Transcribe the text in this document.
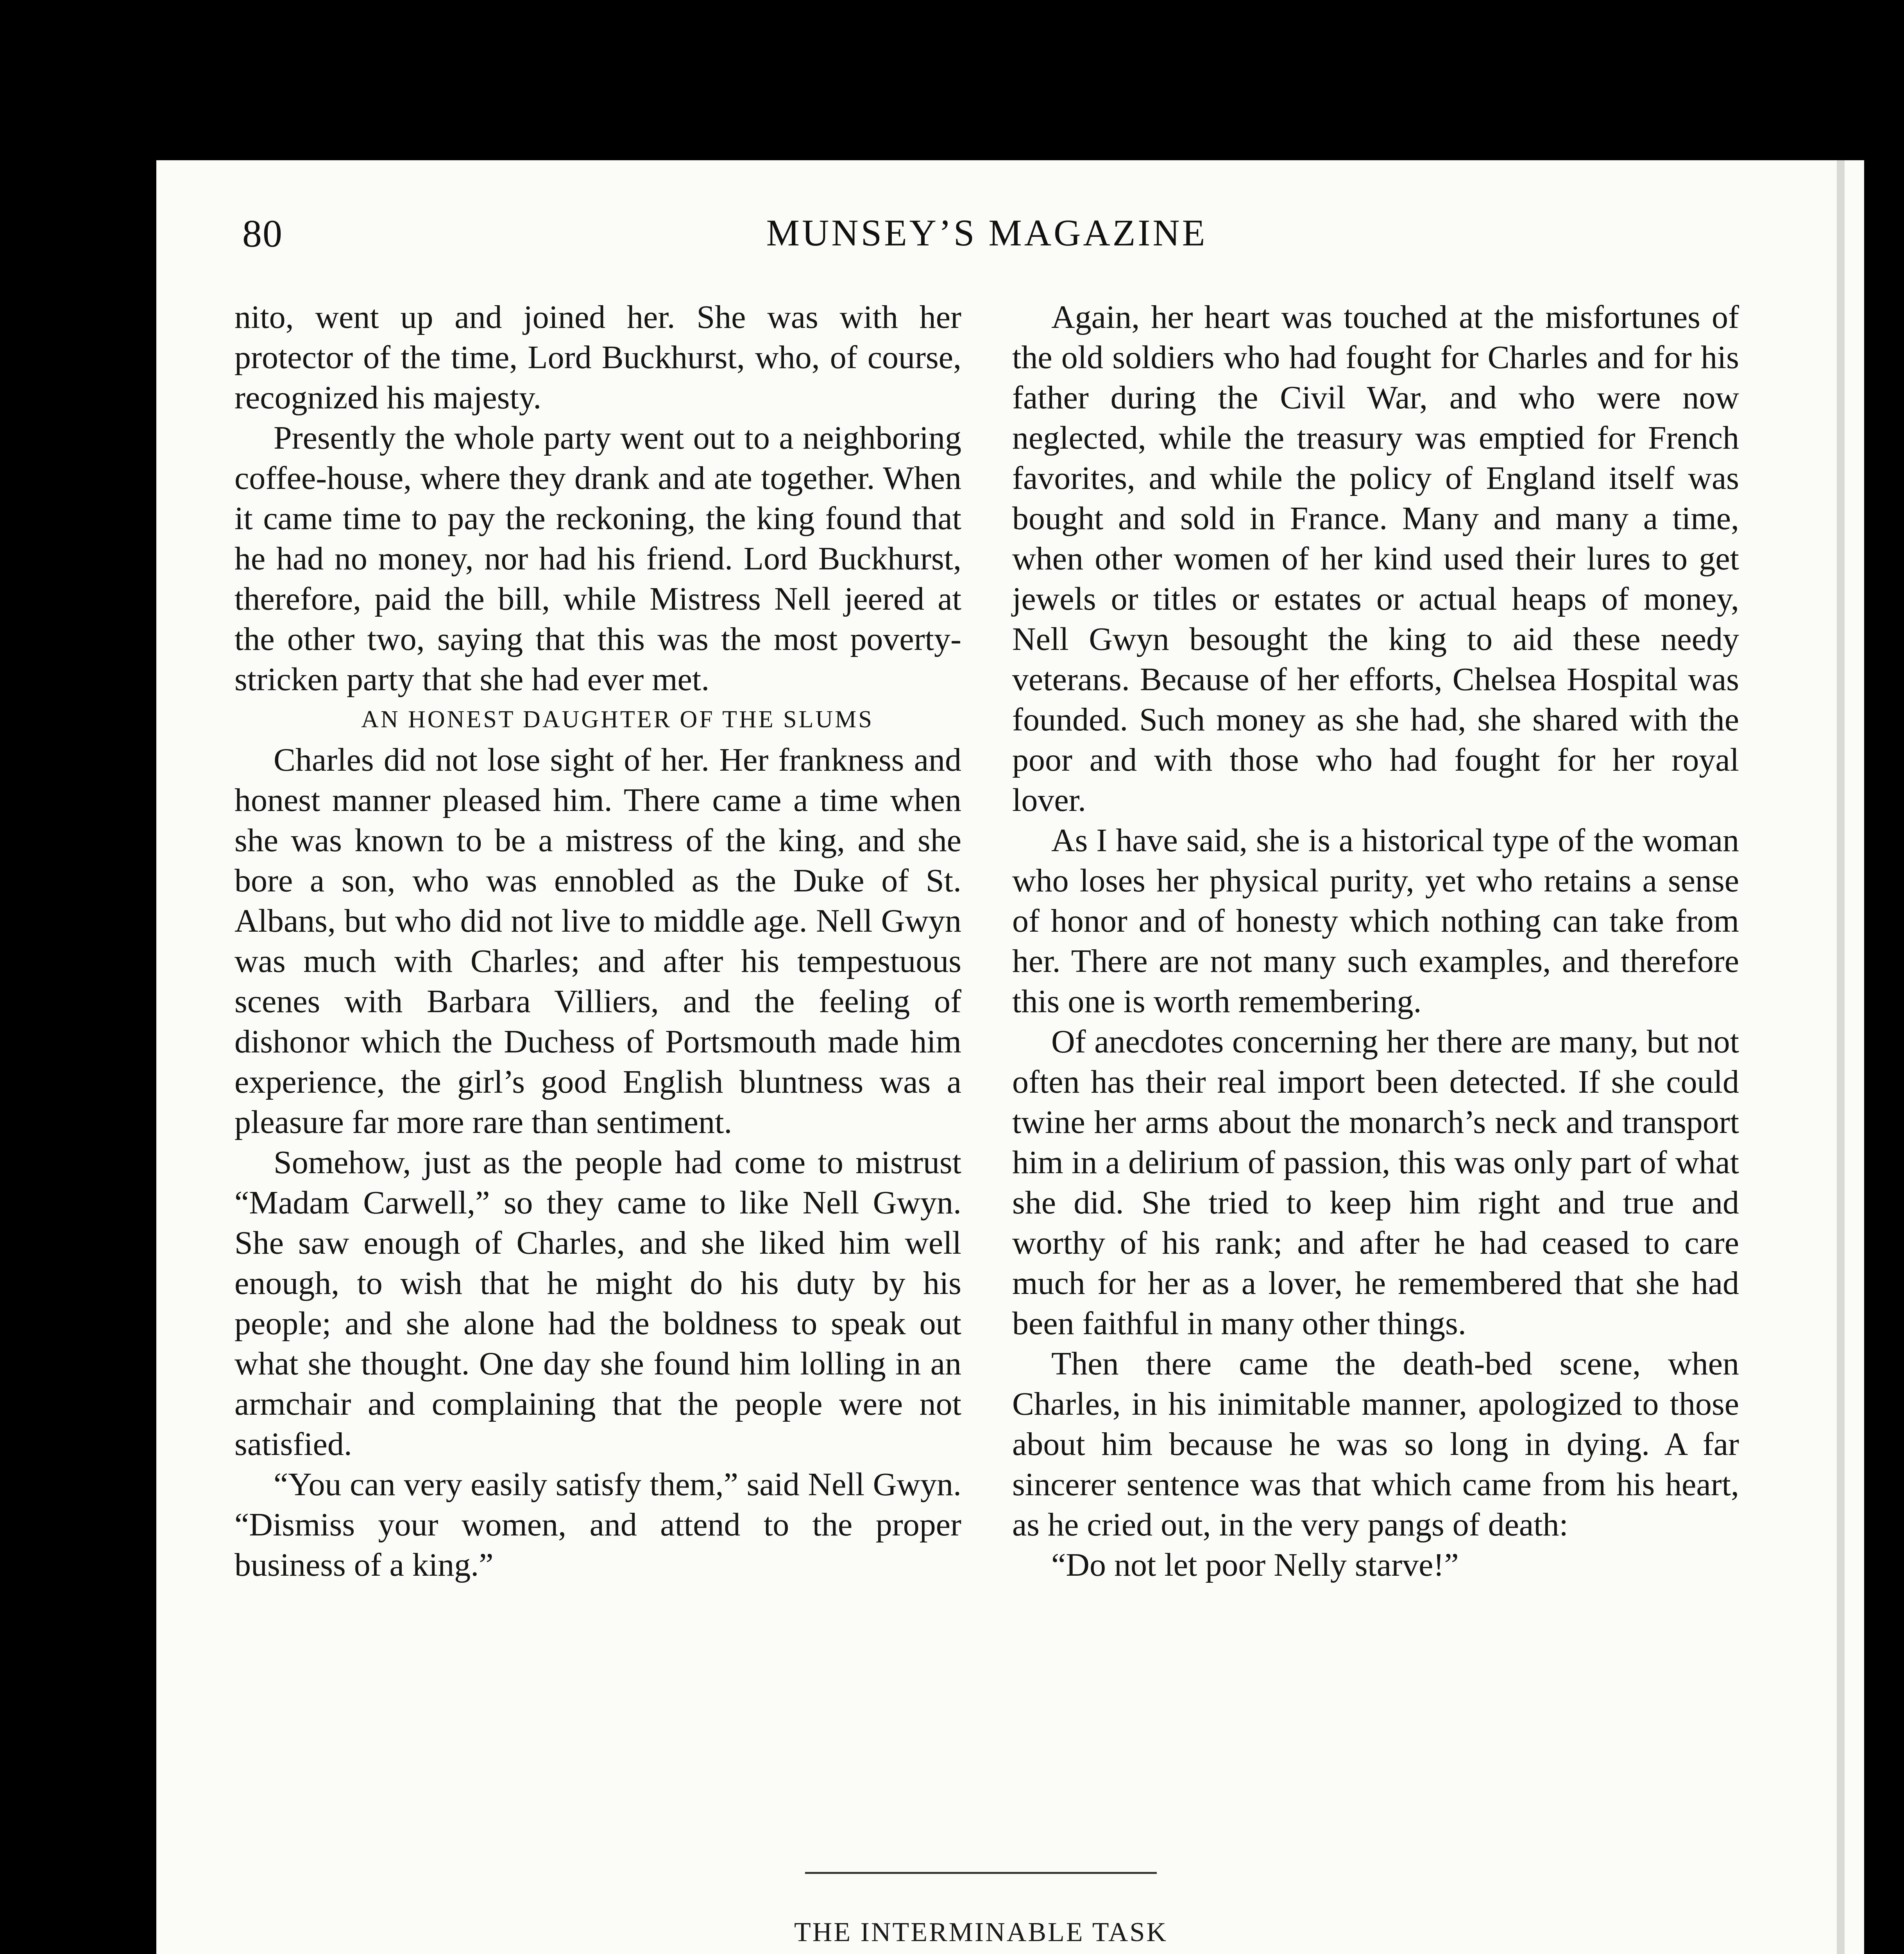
80	MUNSEY’S MAGAZINE

nito, went up and joined her. She was with her protector of the time, Lord Buckhurst, who, of course, recognized his majesty.

Presently the whole party went out to a neighboring coffee-house, where they drank and ate together. When it came time to pay the reckoning, the king found that he had no money, nor had his friend. Lord Buckhurst, therefore, paid the bill, while Mistress Nell jeered at the other two, saying that this was the most poverty-stricken party that she had ever met.

AN HONEST DAUGHTER OF THE SLUMS

Charles did not lose sight of her. Her frankness and honest manner pleased him. There came a time when she was known to be a mistress of the king, and she bore a son, who was ennobled as the Duke of St. Albans, but who did not live to middle age. Nell Gwyn was much with Charles; and after his tempestuous scenes with Barbara Villiers, and the feeling of dishonor which the Duchess of Portsmouth made him experience, the girl’s good English bluntness was a pleasure far more rare than sentiment.

Somehow, just as the people had come to mistrust “Madam Carwell,” so they came to like Nell Gwyn. She saw enough of Charles, and she liked him well enough, to wish that he might do his duty by his people; and she alone had the boldness to speak out what she thought. One day she found him lolling in an armchair and complaining that the people were not satisfied.

“You can very easily satisfy them,” said Nell Gwyn. “Dismiss your women, and attend to the proper business of a king.”

Again, her heart was touched at the misfortunes of the old soldiers who had fought for Charles and for his father during the Civil War, and who were now neglected, while the treasury was emptied for French favorites, and while the policy of England itself was bought and sold in France. Many and many a time, when other women of her kind used their lures to get jewels or titles or estates or actual heaps of money, Nell Gwyn besought the king to aid these needy veterans. Because of her efforts, Chelsea Hospital was founded. Such money as she had, she shared with the poor and with those who had fought for her royal lover.

As I have said, she is a historical type of the woman who loses her physical purity, yet who retains a sense of honor and of honesty which nothing can take from her. There are not many such examples, and therefore this one is worth remembering.

Of anecdotes concerning her there are many, but not often has their real import been detected. If she could twine her arms about the monarch’s neck and transport him in a delirium of passion, this was only part of what she did. She tried to keep him right and true and worthy of his rank; and after he had ceased to care much for her as a lover, he remembered that she had been faithful in many other things.

Then there came the death-bed scene, when Charles, in his inimitable manner, apologized to those about him because he was so long in dying. A far sincerer sentence was that which came from his heart, as he cried out, in the very pangs of death:

“Do not let poor Nelly starve!”

THE INTERMINABLE TASK
